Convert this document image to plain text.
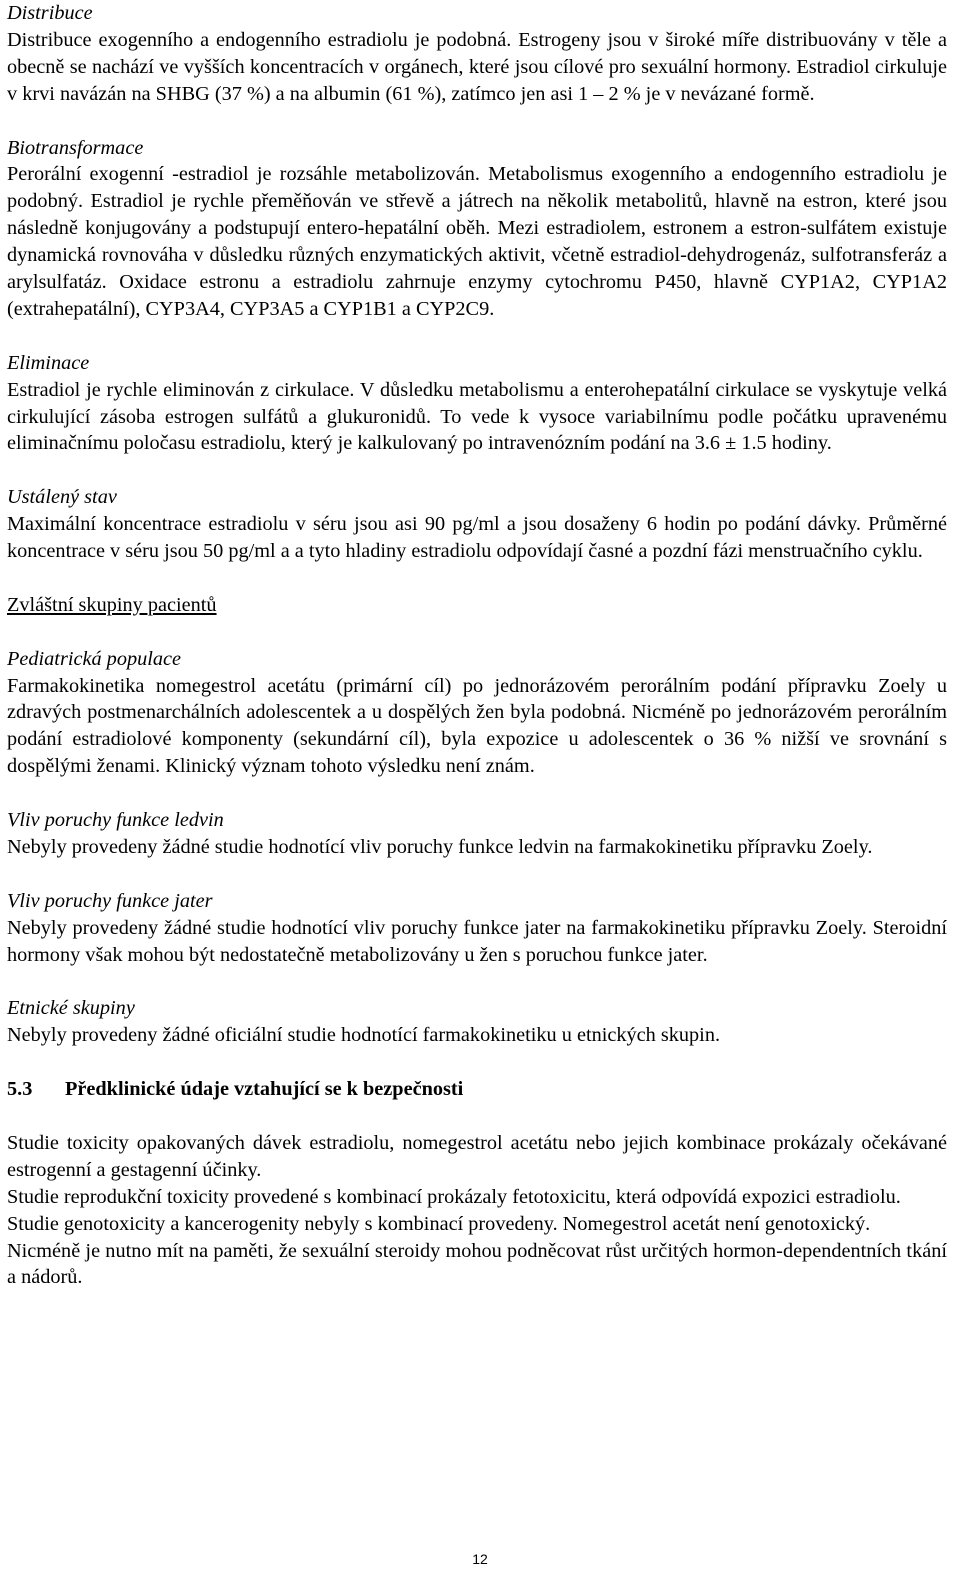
Distribuce

Distribuce exogenního a endogenního estradiolu je podobná. Estrogeny jsou v široké míře distribuovány v těle a obecně se nachází ve vyšších koncentracích v orgánech, které jsou cílové pro sexuální hormony. Estradiol cirkuluje v krvi navázán na SHBG (37 %) a na albumin (61 %), zatímco jen asi 1 – 2 % je v nevázané formě.

Biotransformace

Perorální exogenní -estradiol je rozsáhle metabolizován. Metabolismus exogenního a endogenního estradiolu je podobný. Estradiol je rychle přeměňován ve střevě a játrech na několik metabolitů, hlavně na estron, které jsou následně konjugovány a podstupují entero-hepatální oběh. Mezi estradiolem, estronem a estron-sulfátem existuje dynamická rovnováha v důsledku různých enzymatických aktivit, včetně estradiol-dehydrogenáz, sulfotransferáz a arylsulfatáz. Oxidace estronu a estradiolu zahrnuje enzymy cytochromu P450, hlavně CYP1A2, CYP1A2 (extrahepatální), CYP3A4, CYP3A5 a CYP1B1 a CYP2C9.

Eliminace

Estradiol je rychle eliminován z cirkulace. V důsledku metabolismu a enterohepatální cirkulace se vyskytuje velká cirkulující zásoba estrogen sulfátů a glukuronidů. To vede k vysoce variabilnímu podle počátku upravenému eliminačnímu poločasu estradiolu, který je kalkulovaný po intravenózním podání na 3.6 ± 1.5 hodiny.

Ustálený stav

Maximální koncentrace estradiolu v séru jsou asi 90 pg/ml a jsou dosaženy 6 hodin po podání dávky. Průměrné koncentrace v séru jsou 50 pg/ml a a tyto hladiny estradiolu odpovídají časné a pozdní fázi menstruačního cyklu.

Zvláštní skupiny pacientů

Pediatrická populace

Farmakokinetika nomegestrol acetátu (primární cíl) po jednorázovém perorálním podání přípravku Zoely u zdravých postmenarchálních adolescentek a u dospělých žen byla podobná. Nicméně po jednorázovém perorálním podání estradiolové komponenty (sekundární cíl), byla expozice u adolescentek o 36 % nižší ve srovnání s dospělými ženami. Klinický význam tohoto výsledku není znám.

Vliv poruchy funkce ledvin

Nebyly provedeny žádné studie hodnotící vliv poruchy funkce ledvin na farmakokinetiku přípravku Zoely.

Vliv poruchy funkce jater

Nebyly provedeny žádné studie hodnotící vliv poruchy funkce jater na farmakokinetiku přípravku Zoely. Steroidní hormony však mohou být nedostatečně metabolizovány u žen s poruchou funkce jater.

Etnické skupiny

Nebyly provedeny žádné oficiální studie hodnotící farmakokinetiku u etnických skupin.

5.3	Předklinické údaje vztahující se k bezpečnosti

Studie toxicity opakovaných dávek estradiolu, nomegestrol acetátu nebo jejich kombinace prokázaly očekávané estrogenní a gestagenní účinky.

Studie reprodukční toxicity provedené s kombinací prokázaly fetotoxicitu, která odpovídá expozici estradiolu.

Studie genotoxicity a kancerogenity nebyly s kombinací provedeny. Nomegestrol acetát není genotoxický.

Nicméně je nutno mít na paměti, že sexuální steroidy mohou podněcovat růst určitých hormon-dependentních tkání a nádorů.

12
